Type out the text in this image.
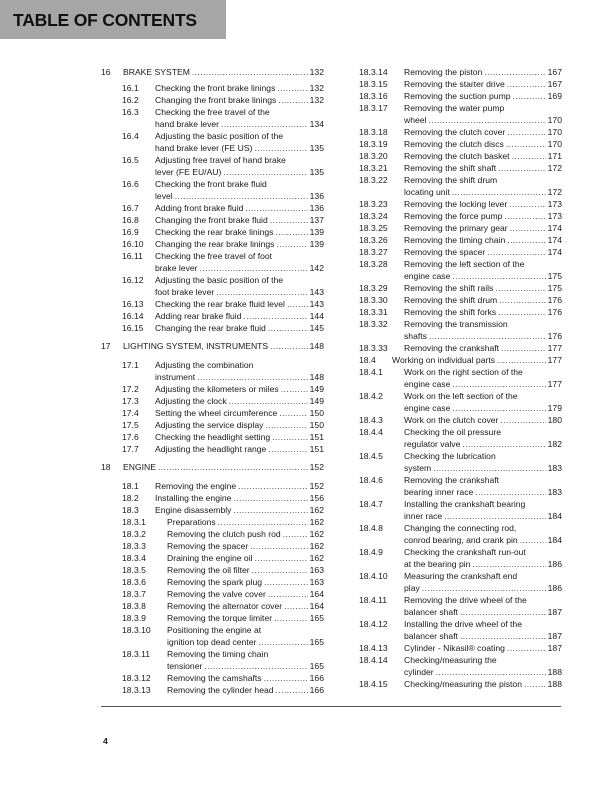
TABLE OF CONTENTS
16 BRAKE SYSTEM .....	132
16.1 Checking the front brake linings .....	132
16.2 Changing the front brake linings .....	132
16.3 Checking the free travel of the
hand brake lever .....	134
16.4 Adjusting the basic position of the
hand brake lever (FE US) .....	135
16.5 Adjusting free travel of hand brake
lever (FE EU/AU) .....	135
16.6 Checking the front brake fluid
level .....	136
16.7 Adding front brake fluid .....	136
16.8 Changing the front brake fluid .....	137
16.9 Checking the rear brake linings .....	139
16.10 Changing the rear brake linings .....	139
16.11 Checking the free travel of foot
brake lever .....	142
16.12 Adjusting the basic position of the
foot brake lever .....	143
16.13 Checking the rear brake fluid level .....	143
16.14 Adding rear brake fluid .....	144
16.15 Changing the rear brake fluid .....	145
17 LIGHTING SYSTEM, INSTRUMENTS .....	148
17.1 Adjusting the combination
instrument .....	148
17.2 Adjusting the kilometers or miles .....	149
17.3 Adjusting the clock .....	149
17.4 Setting the wheel circumference .....	150
17.5 Adjusting the service display .....	150
17.6 Checking the headlight setting .....	151
17.7 Adjusting the headlight range .....	151
18 ENGINE .....	152
18.1 Removing the engine .....	152
18.2 Installing the engine .....	156
18.3 Engine disassembly .....	162
18.3.1 Preparations .....	162
18.3.2 Removing the clutch push rod .....	162
18.3.3 Removing the spacer .....	162
18.3.4 Draining the engine oil .....	162
18.3.5 Removing the oil filter .....	163
18.3.6 Removing the spark plug .....	163
18.3.7 Removing the valve cover .....	164
18.3.8 Removing the alternator cover .....	164
18.3.9 Removing the torque limiter .....	165
18.3.10 Positioning the engine at
ignition top dead center .....	165
18.3.11 Removing the timing chain
tensioner .....	165
18.3.12 Removing the camshafts .....	166
18.3.13 Removing the cylinder head .....	166
18.3.14 Removing the piston .....	167
18.3.15 Removing the starter drive .....	167
18.3.16 Removing the suction pump .....	169
18.3.17 Removing the water pump
wheel .....	170
18.3.18 Removing the clutch cover .....	170
18.3.19 Removing the clutch discs .....	170
18.3.20 Removing the clutch basket .....	171
18.3.21 Removing the shift shaft .....	172
18.3.22 Removing the shift drum
locating unit .....	172
18.3.23 Removing the locking lever .....	173
18.3.24 Removing the force pump .....	173
18.3.25 Removing the primary gear .....	174
18.3.26 Removing the timing chain .....	174
18.3.27 Removing the spacer .....	174
18.3.28 Removing the left section of the
engine case .....	175
18.3.29 Removing the shift rails .....	175
18.3.30 Removing the shift drum .....	176
18.3.31 Removing the shift forks .....	176
18.3.32 Removing the transmission
shafts .....	176
18.3.33 Removing the crankshaft .....	177
18.4 Working on individual parts .....	177
18.4.1 Work on the right section of the
engine case .....	177
18.4.2 Work on the left section of the
engine case .....	179
18.4.3 Work on the clutch cover .....	180
18.4.4 Checking the oil pressure
regulator valve .....	182
18.4.5 Checking the lubrication
system .....	183
18.4.6 Removing the crankshaft
bearing inner race .....	183
18.4.7 Installing the crankshaft bearing
inner race .....	184
18.4.8 Changing the connecting rod,
conrod bearing, and crank pin .....	184
18.4.9 Checking the crankshaft run-out
at the bearing pin .....	186
18.4.10 Measuring the crankshaft end
play .....	186
18.4.11 Removing the drive wheel of the
balancer shaft .....	187
18.4.12 Installing the drive wheel of the
balancer shaft .....	187
18.4.13 Cylinder - Nikasil® coating .....	187
18.4.14 Checking/measuring the
cylinder .....	188
18.4.15 Checking/measuring the piston .....	188
4
